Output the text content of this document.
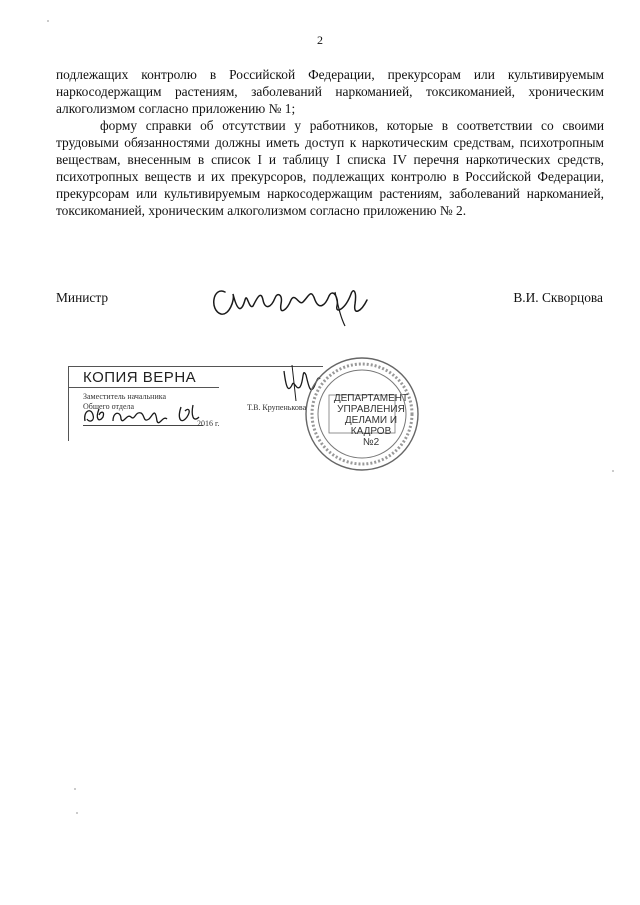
2

подлежащих контролю в Российской Федерации, прекурсорам или культивируемым наркосодержащим растениям, заболеваний наркоманией, токсикоманией, хроническим алкоголизмом согласно приложению № 1;

форму справки об отсутствии у работников, которые в соответствии со своими трудовыми обязанностями должны иметь доступ к наркотическим средствам, психотропным веществам, внесенным в список I и таблицу I списка IV перечня наркотических средств, психотропных веществ и их прекурсоров, подлежащих контролю в Российской Федерации, прекурсорам или культивируемым наркосодержащим растениям, заболеваний наркоманией, токсикоманией, хроническим алкоголизмом согласно приложению № 2.

Министр	В.И. Скворцова
КОПИЯ ВЕРНА
Заместитель начальника
Общего отдела
2016 г.
Т.В. Крупенькова
ДЕПАРТАМЕНТ
УПРАВЛЕНИЯ
ДЕЛАМИ И КАДРОВ
№2
